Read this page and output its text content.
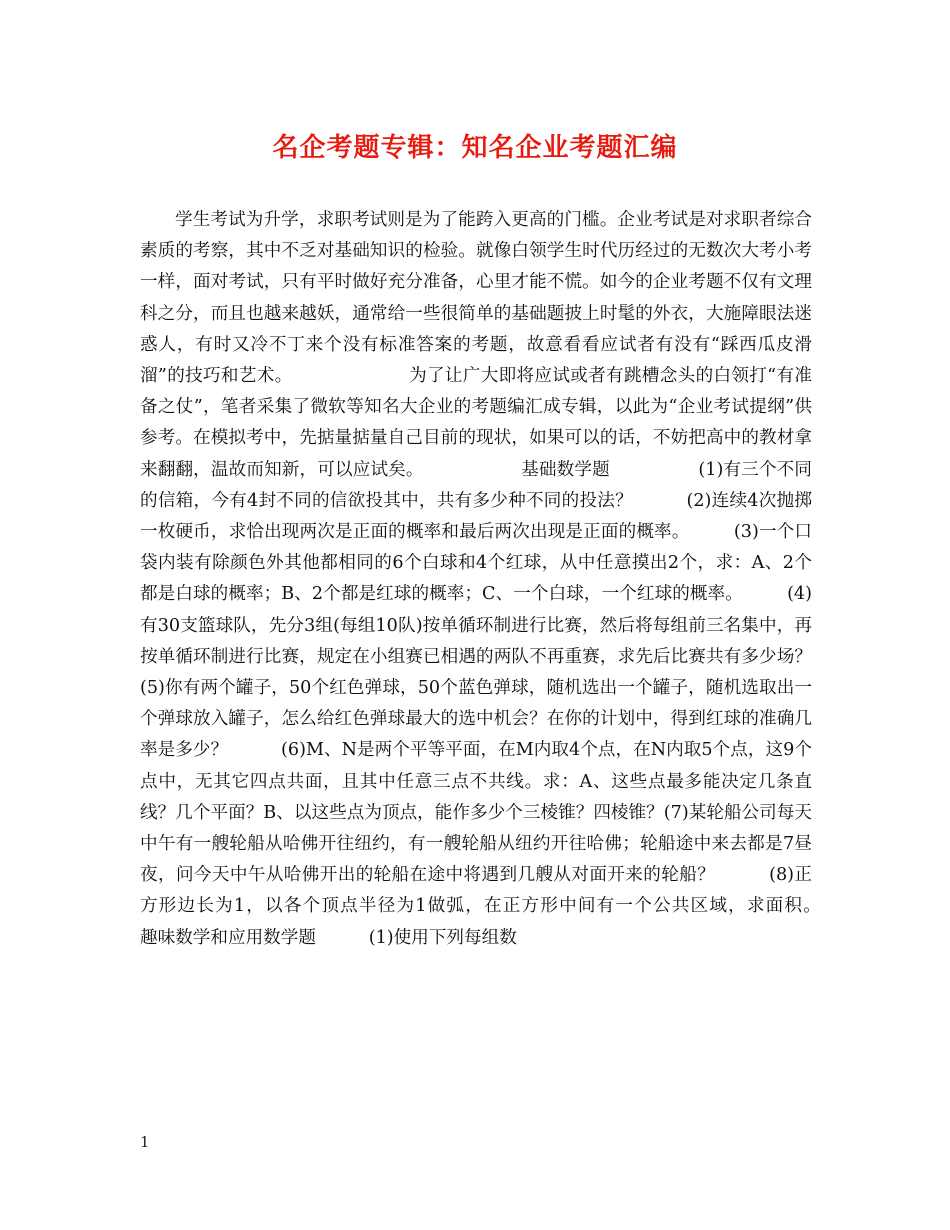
名企考题专辑：知名企业考题汇编

学生考试为升学，求职考试则是为了能跨入更高的门槛。企业考试是对求职者综合素质的考察，其中不乏对基础知识的检验。就像白领学生时代历经过的无数次大考小考一样，面对考试，只有平时做好充分准备，心里才能不慌。如今的企业考题不仅有文理科之分，而且也越来越妖，通常给一些很简单的基础题披上时髦的外衣，大施障眼法迷惑人，有时又冷不丁来个没有标准答案的考题，故意看看应试者有没有“踩西瓜皮滑溜”的技巧和艺术。　　　　　　　为了让广大即将应试或者有跳槽念头的白领打“有准备之仗”，笔者采集了微软等知名大企业的考题编汇成专辑，以此为“企业考试提纲”供参考。在模拟考中，先掂量掂量自己目前的现状，如果可以的话，不妨把高中的教材拿来翻翻，温故而知新，可以应试矣。　　　　　　基础数学题　　　　　(1)有三个不同的信箱，今有4封不同的信欲投其中，共有多少种不同的投法？　　　(2)连续4次抛掷一枚硬币，求恰出现两次是正面的概率和最后两次出现是正面的概率。　　　(3)一个口袋内装有除颜色外其他都相同的6个白球和4个红球，从中任意摸出2个，求：A、2个都是白球的概率；B、2个都是红球的概率；C、一个白球，一个红球的概率。　　　(4)有30支篮球队，先分3组(每组10队)按单循环制进行比赛，然后将每组前三名集中，再按单循环制进行比赛，规定在小组赛已相遇的两队不再重赛，求先后比赛共有多少场？　　　(5)你有两个罐子，50个红色弹球，50个蓝色弹球，随机选出一个罐子，随机选取出一个弹球放入罐子，怎么给红色弹球最大的选中机会？在你的计划中，得到红球的准确几率是多少？　　　(6)M、N是两个平等平面，在M内取4个点，在N内取5个点，这9个点中，无其它四点共面，且其中任意三点不共线。求：A、这些点最多能决定几条直线？几个平面？B、以这些点为顶点，能作多少个三棱锥？四棱锥？(7)某轮船公司每天中午有一艘轮船从哈佛开往纽约，有一艘轮船从纽约开往哈佛；轮船途中来去都是7昼夜，问今天中午从哈佛开出的轮船在途中将遇到几艘从对面开来的轮船？　　　(8)正方形边长为1，以各个顶点半径为1做弧，在正方形中间有一个公共区域，求面积。　　　趣味数学和应用数学题　　　(1)使用下列每组数

1
